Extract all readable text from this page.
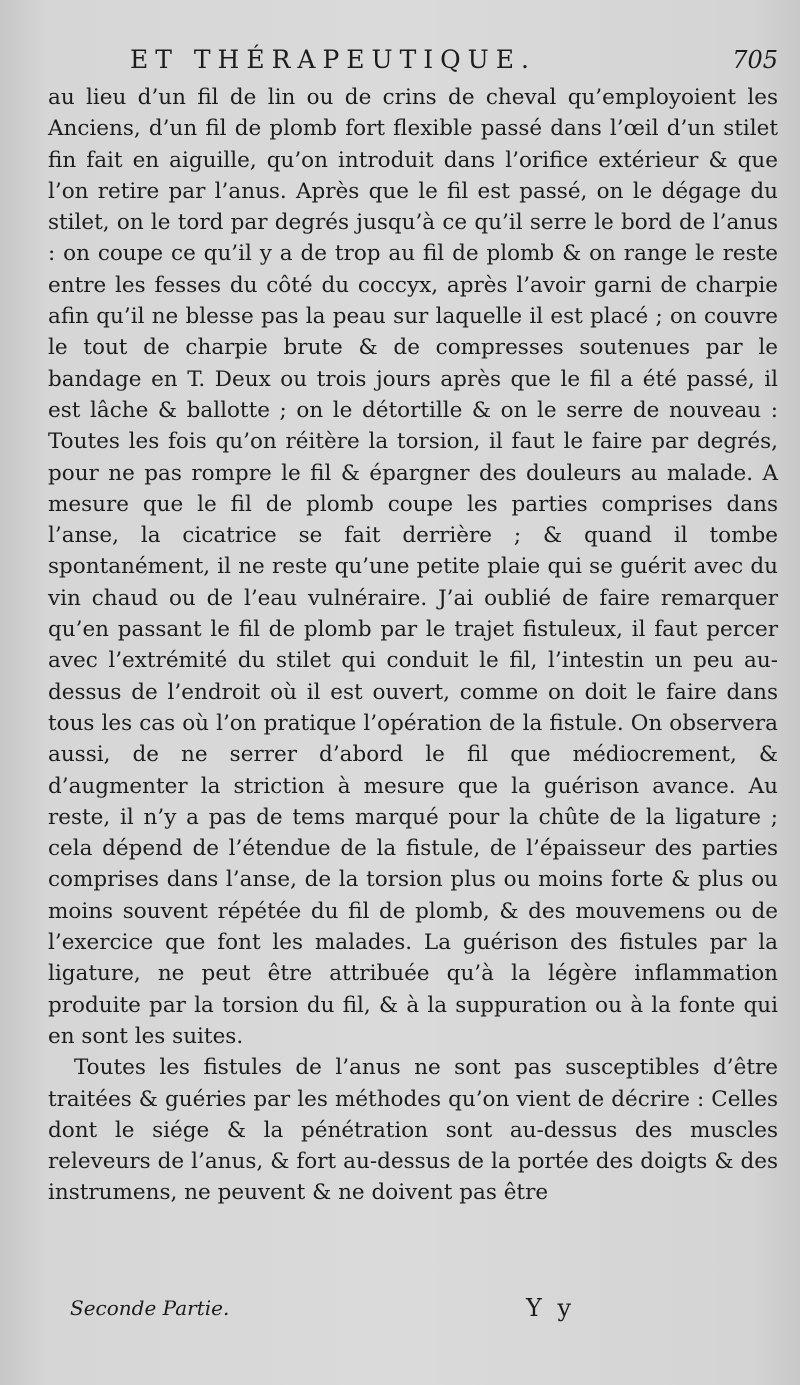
ET THÉRAPEUTIQUE.	705

au lieu d’un fil de lin ou de crins de cheval qu’employoient les Anciens, d’un fil de plomb fort flexible passé dans l’œil d’un stilet fin fait en aiguille, qu’on introduit dans l’orifice extérieur & que l’on retire par l’anus. Après que le fil est passé, on le dégage du stilet, on le tord par degrés jusqu’à ce qu’il serre le bord de l’anus : on coupe ce qu’il y a de trop au fil de plomb & on range le reste entre les fesses du côté du coccyx, après l’avoir garni de charpie afin qu’il ne blesse pas la peau sur laquelle il est placé ; on couvre le tout de charpie brute & de compresses soutenues par le bandage en T. Deux ou trois jours après que le fil a été passé, il est lâche & ballotte ; on le détortille & on le serre de nouveau : Toutes les fois qu’on réitère la torsion, il faut le faire par degrés, pour ne pas rompre le fil & épargner des douleurs au malade. A mesure que le fil de plomb coupe les parties comprises dans l’anse, la cicatrice se fait derrière ; & quand il tombe spontanément, il ne reste qu’une petite plaie qui se guérit avec du vin chaud ou de l’eau vulnéraire. J’ai oublié de faire remarquer qu’en passant le fil de plomb par le trajet fistuleux, il faut percer avec l’extrémité du stilet qui conduit le fil, l’intestin un peu au-dessus de l’endroit où il est ouvert, comme on doit le faire dans tous les cas où l’on pratique l’opération de la fistule. On observera aussi, de ne serrer d’abord le fil que médiocrement, & d’augmenter la striction à mesure que la guérison avance. Au reste, il n’y a pas de tems marqué pour la chûte de la ligature ; cela dépend de l’étendue de la fistule, de l’épaisseur des parties comprises dans l’anse, de la torsion plus ou moins forte & plus ou moins souvent répétée du fil de plomb, & des mouvemens ou de l’exercice que font les malades. La guérison des fistules par la ligature, ne peut être attribuée qu’à la légère inflammation produite par la torsion du fil, & à la suppuration ou à la fonte qui en sont les suites.

Toutes les fistules de l’anus ne sont pas susceptibles d’être traitées & guéries par les méthodes qu’on vient de décrire : Celles dont le siége & la pénétration sont au-dessus des muscles releveurs de l’anus, & fort au-dessus de la portée des doigts & des instrumens, ne peuvent & ne doivent pas être

Seconde Partie.	Y y
